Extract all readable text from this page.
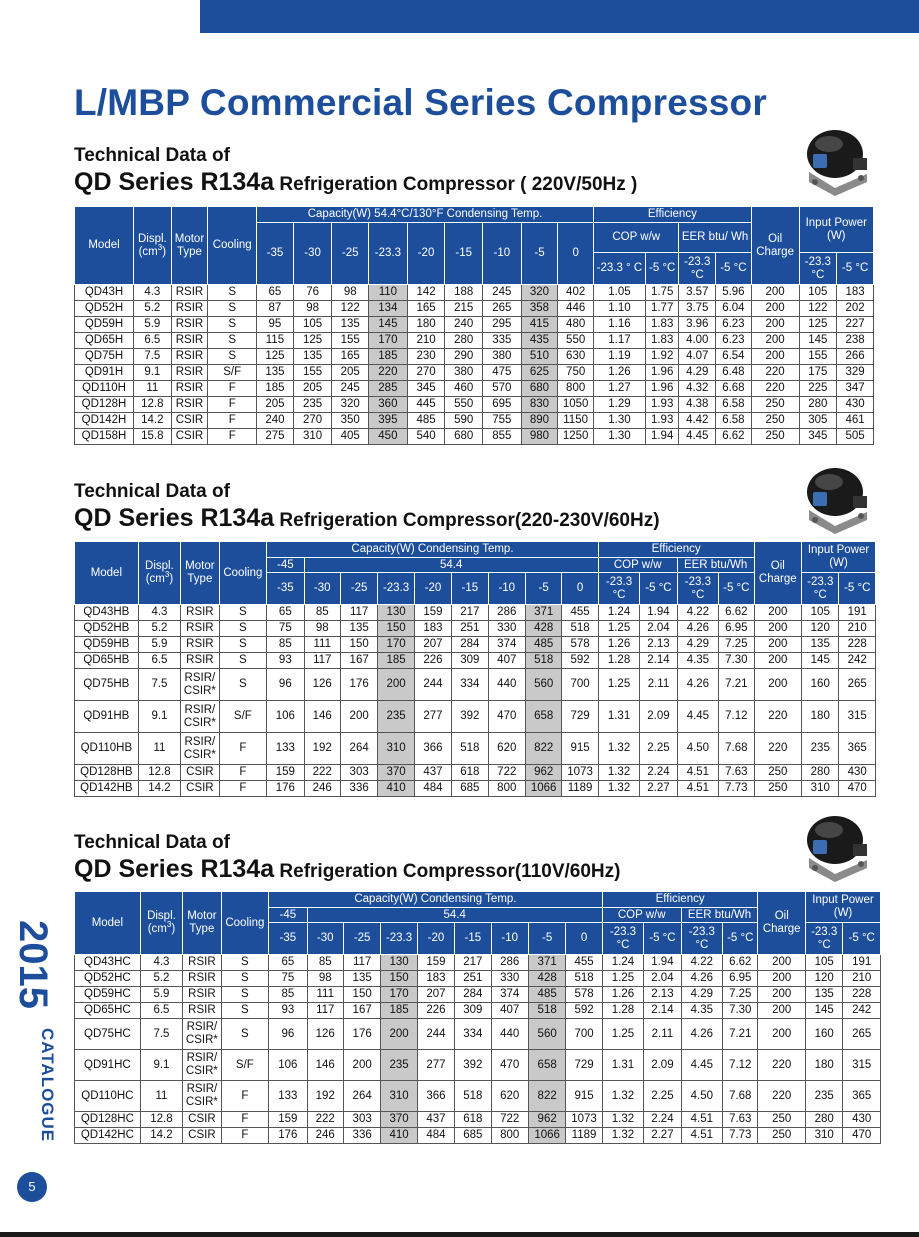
L/MBP Commercial Series Compressor
Technical Data of
QD Series R134a Refrigeration Compressor ( 220V/50Hz )
Model	Displ.
$(cm^3)$	Motor Type	Cooling	Capacity(W) 54.4°C/130°F Condensing Temp.									Efficiency				Oil Charge	Input Power (W)	
				-35	-30	-25	-23.3	-20	-15	-10	-5	0	COP w/w		EER btu/ Wh				
													-23.3 ° C	-5 °C	-23.3 °C	-5 °C		-23.3 °C	-5 °C
QD43H	4.3	RSIR	S	65	76	98	110	142	188	245	320	402	1.05	1.75	3.57	5.96	200	105	183
QD52H	5.2	RSIR	S	87	98	122	134	165	215	265	358	446	1.10	1.77	3.75	6.04	200	122	202
QD59H	5.9	RSIR	S	95	105	135	145	180	240	295	415	480	1.16	1.83	3.96	6.23	200	125	227
QD65H	6.5	RSIR	S	115	125	155	170	210	280	335	435	550	1.17	1.83	4.00	6.23	200	145	238
QD75H	7.5	RSIR	S	125	135	165	185	230	290	380	510	630	1.19	1.92	4.07	6.54	200	155	266
QD91H	9.1	RSIR	S/F	135	155	205	220	270	380	475	625	750	1.26	1.96	4.29	6.48	220	175	329
QD110H	11	RSIR	F	185	205	245	285	345	460	570	680	800	1.27	1.96	4.32	6.68	220	225	347
QD128H	12.8	RSIR	F	205	235	320	360	445	550	695	830	1050	1.29	1.93	4.38	6.58	250	280	430
QD142H	14.2	CSIR	F	240	270	350	395	485	590	755	890	1150	1.30	1.93	4.42	6.58	250	305	461
QD158H	15.8	CSIR	F	275	310	405	450	540	680	855	980	1250	1.30	1.94	4.45	6.62	250	345	505
Technical Data of
QD Series R134a Refrigeration Compressor(220-230V/60Hz)
Model	Displ.
$(cm^3)$	Motor Type	Cooling	Capacity(W) Condensing Temp.									Efficiency				Oil Charge	Input Power (W)	
				-45	54.4								COP w/w		EER btu/Wh				
				-35	-30	-25	-23.3	-20	-15	-10	-5	0	-23.3 °C	-5 °C	-23.3 °C	-5 °C		-23.3 °C	-5 °C
QD43HB	4.3	RSIR	S	65	85	117	130	159	217	286	371	455	1.24	1.94	4.22	6.62	200	105	191
QD52HB	5.2	RSIR	S	75	98	135	150	183	251	330	428	518	1.25	2.04	4.26	6.95	200	120	210
QD59HB	5.9	RSIR	S	85	111	150	170	207	284	374	485	578	1.26	2.13	4.29	7.25	200	135	228
QD65HB	6.5	RSIR	S	93	117	167	185	226	309	407	518	592	1.28	2.14	4.35	7.30	200	145	242
QD75HB	7.5	RSIR/ CSIR*	S	96	126	176	200	244	334	440	560	700	1.25	2.11	4.26	7.21	200	160	265
QD91HB	9.1	RSIR/ CSIR*	S/F	106	146	200	235	277	392	470	658	729	1.31	2.09	4.45	7.12	220	180	315
QD110HB	11	RSIR/ CSIR*	F	133	192	264	310	366	518	620	822	915	1.32	2.25	4.50	7.68	220	235	365
QD128HB	12.8	CSIR	F	159	222	303	370	437	618	722	962	1073	1.32	2.24	4.51	7.63	250	280	430
QD142HB	14.2	CSIR	F	176	246	336	410	484	685	800	1066	1189	1.32	2.27	4.51	7.73	250	310	470
Technical Data of
QD Series R134a Refrigeration Compressor(110V/60Hz)
Model	Displ.
$(cm^3)$	Motor Type	Cooling	Capacity(W) Condensing Temp.									Efficiency				Oil Charge	Input Power (W)	
				-45	54.4								COP w/w		EER btu/Wh				
				-35	-30	-25	-23.3	-20	-15	-10	-5	0	-23.3 °C	-5 °C	-23.3 °C	-5 °C		-23.3 °C	-5 °C
QD43HC	4.3	RSIR	S	65	85	117	130	159	217	286	371	455	1.24	1.94	4.22	6.62	200	105	191
QD52HC	5.2	RSIR	S	75	98	135	150	183	251	330	428	518	1.25	2.04	4.26	6.95	200	120	210
QD59HC	5.9	RSIR	S	85	111	150	170	207	284	374	485	578	1.26	2.13	4.29	7.25	200	135	228
QD65HC	6.5	RSIR	S	93	117	167	185	226	309	407	518	592	1.28	2.14	4.35	7.30	200	145	242
QD75HC	7.5	RSIR/ CSIR*	S	96	126	176	200	244	334	440	560	700	1.25	2.11	4.26	7.21	200	160	265
QD91HC	9.1	RSIR/ CSIR*	S/F	106	146	200	235	277	392	470	658	729	1.31	2.09	4.45	7.12	220	180	315
QD110HC	11	RSIR/ CSIR*	F	133	192	264	310	366	518	620	822	915	1.32	2.25	4.50	7.68	220	235	365
QD128HC	12.8	CSIR	F	159	222	303	370	437	618	722	962	1073	1.32	2.24	4.51	7.63	250	280	430
QD142HC	14.2	CSIR	F	176	246	336	410	484	685	800	1066	1189	1.32	2.27	4.51	7.73	250	310	470
2015
CATALOGUE
5
